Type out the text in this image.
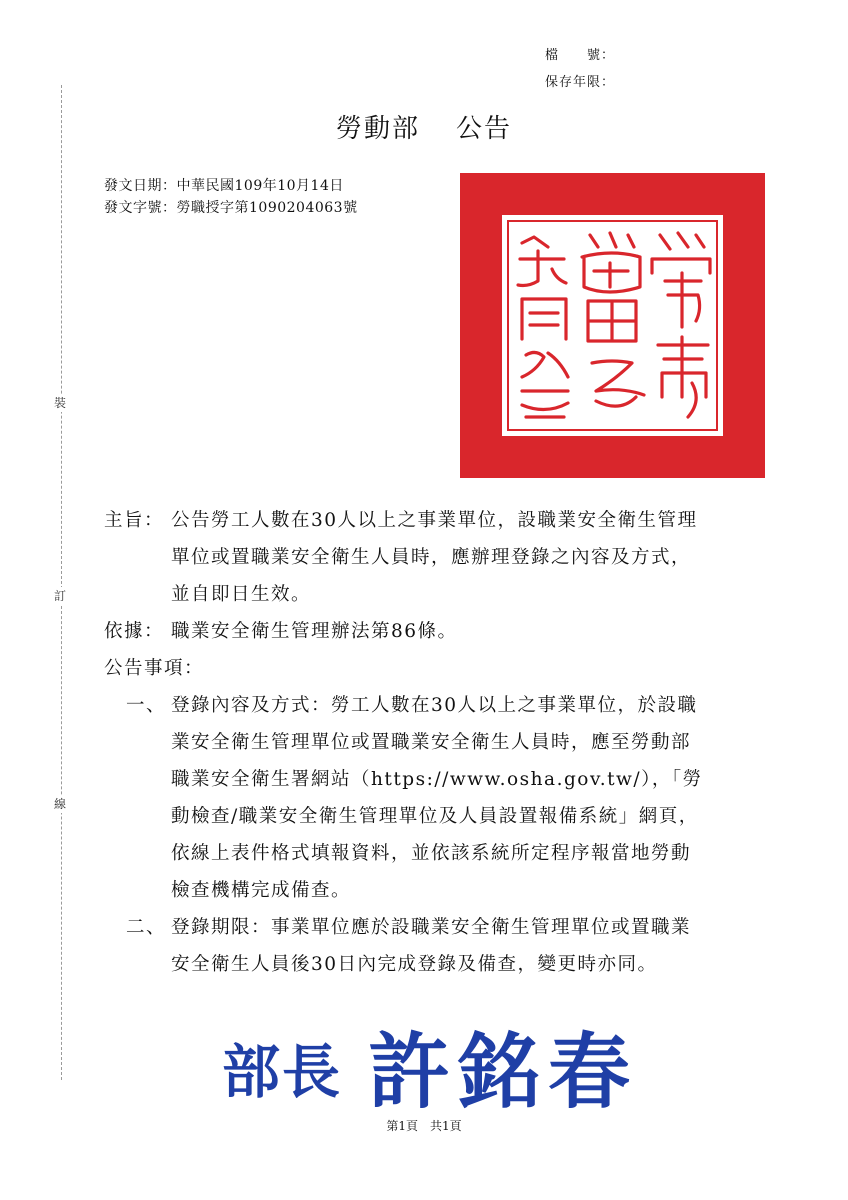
檔　　號：
保存年限：
裝
訂
線
勞動部 公告
發文日期：中華民國109年10月14日
發文字號：勞職授字第1090204063號
主旨： 公告勞工人數在30人以上之事業單位，設職業安全衛生管理
單位或置職業安全衛生人員時，應辦理登錄之內容及方式，
並自即日生效。
依據： 職業安全衛生管理辦法第86條。
公告事項：
一、 登錄內容及方式：勞工人數在30人以上之事業單位，於設職
業安全衛生管理單位或置職業安全衛生人員時，應至勞動部
職業安全衛生署網站（https://www.osha.gov.tw/），「勞
動檢查/職業安全衛生管理單位及人員設置報備系統」網頁，
依線上表件格式填報資料，並依該系統所定程序報當地勞動
檢查機構完成備查。
二、 登錄期限：事業單位應於設職業安全衛生管理單位或置職業
安全衛生人員後30日內完成登錄及備查，變更時亦同。
部長 許銘春
第1頁　共1頁
